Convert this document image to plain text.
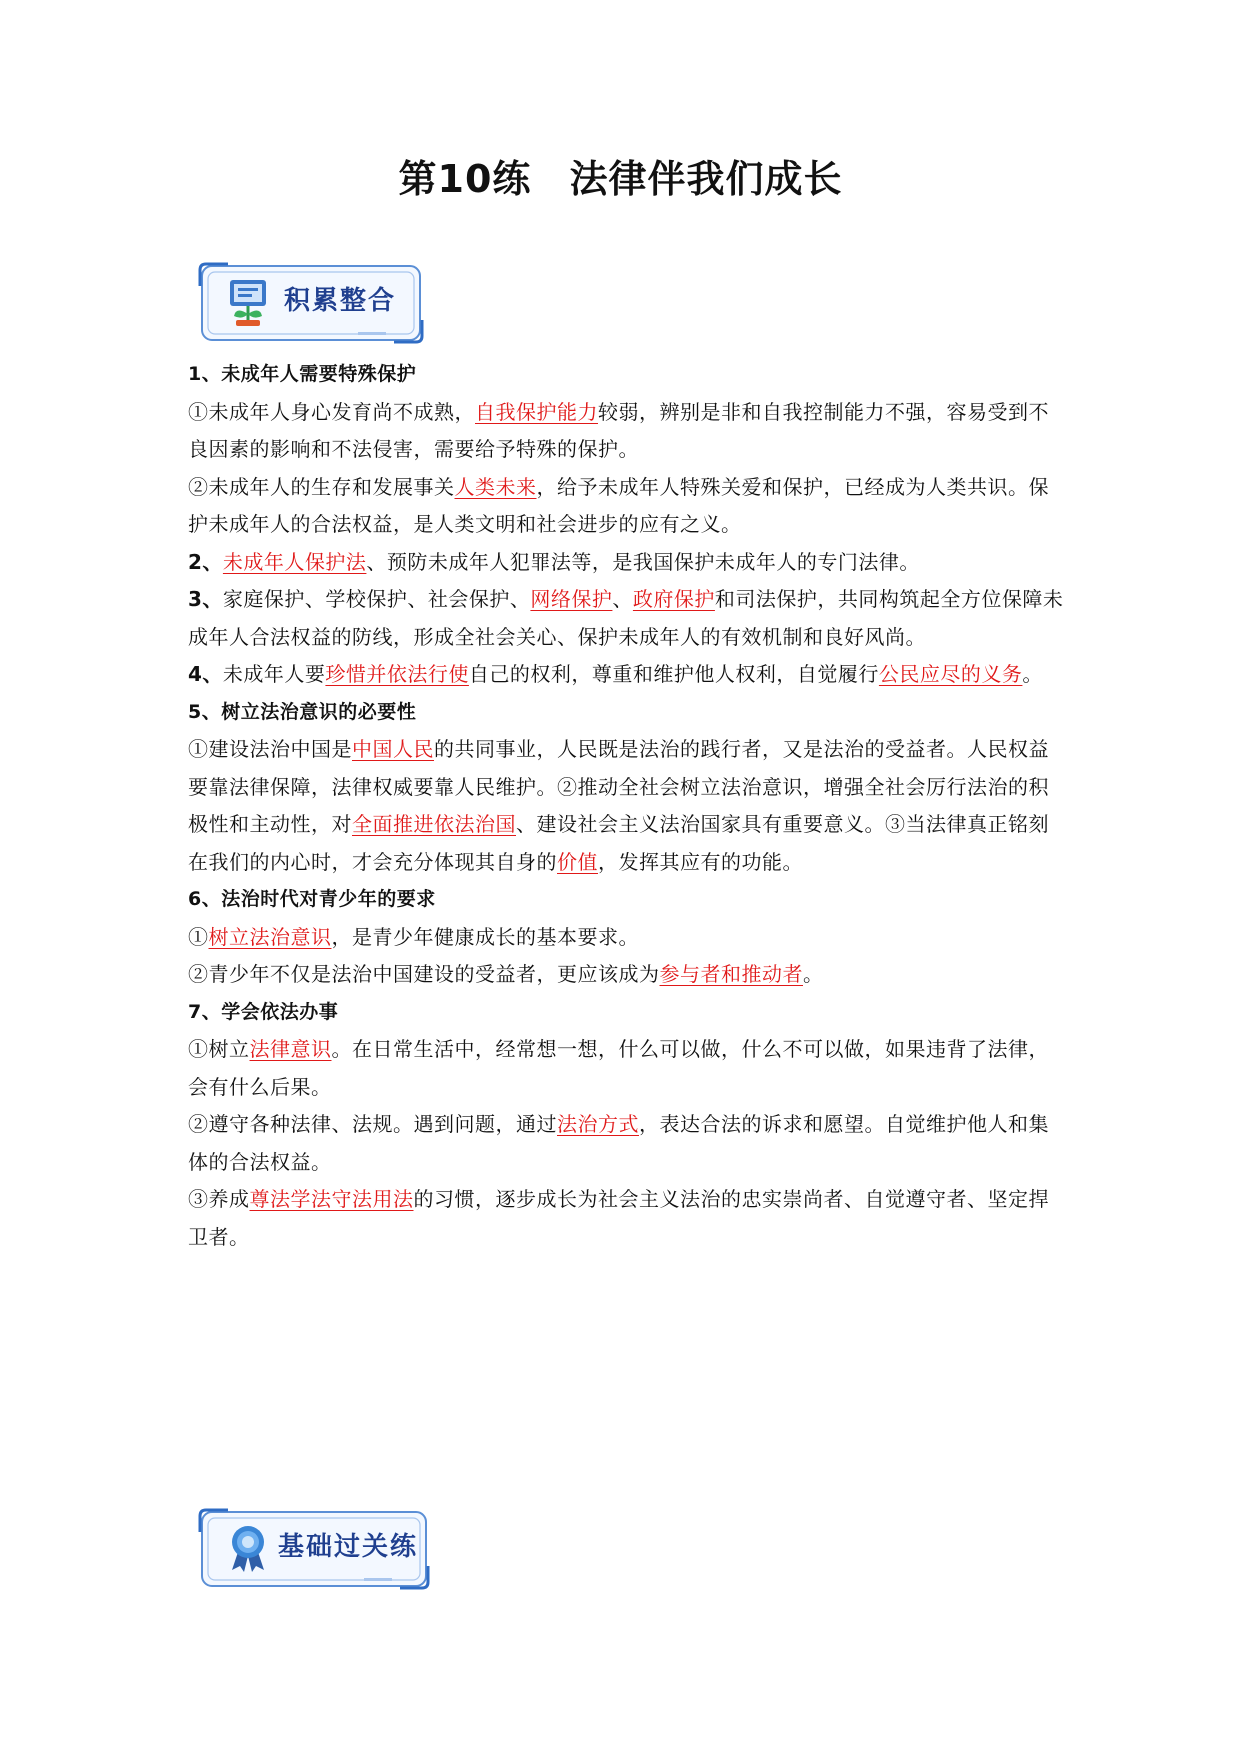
第10练 法律伴我们成长
积累整合

1、未成年人需要特殊保护

①未成年人身心发育尚不成熟，自我保护能力较弱，辨别是非和自我控制能力不强，容易受到不良因素的影响和不法侵害，需要给予特殊的保护。

②未成年人的生存和发展事关人类未来，给予未成年人特殊关爱和保护，已经成为人类共识。保护未成年人的合法权益，是人类文明和社会进步的应有之义。

2、未成年人保护法、预防未成年人犯罪法等，是我国保护未成年人的专门法律。

3、家庭保护、学校保护、社会保护、网络保护、政府保护和司法保护，共同构筑起全方位保障未成年人合法权益的防线，形成全社会关心、保护未成年人的有效机制和良好风尚。

4、未成年人要珍惜并依法行使自己的权利，尊重和维护他人权利，自觉履行公民应尽的义务。

5、树立法治意识的必要性

①建设法治中国是中国人民的共同事业，人民既是法治的践行者，又是法治的受益者。人民权益要靠法律保障，法律权威要靠人民维护。②推动全社会树立法治意识，增强全社会厉行法治的积极性和主动性，对全面推进依法治国、建设社会主义法治国家具有重要意义。③当法律真正铭刻在我们的内心时，才会充分体现其自身的价值，发挥其应有的功能。

6、法治时代对青少年的要求

①树立法治意识，是青少年健康成长的基本要求。

②青少年不仅是法治中国建设的受益者，更应该成为参与者和推动者。

7、学会依法办事

①树立法律意识。在日常生活中，经常想一想，什么可以做，什么不可以做，如果违背了法律，会有什么后果。

②遵守各种法律、法规。遇到问题，通过法治方式，表达合法的诉求和愿望。自觉维护他人和集体的合法权益。

③养成尊法学法守法用法的习惯，逐步成长为社会主义法治的忠实崇尚者、自觉遵守者、坚定捍卫者。

基础过关练
